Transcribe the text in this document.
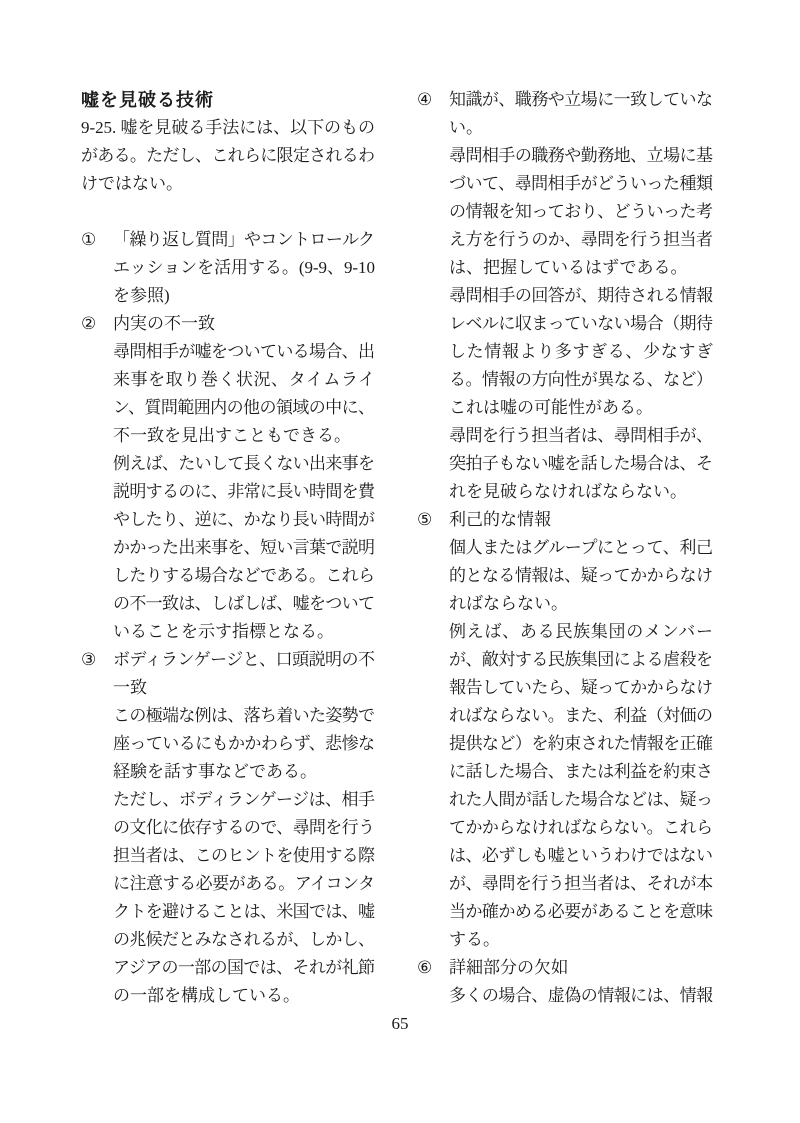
嘘を見破る技術
9-25. 嘘を見破る手法には、以下のもの
がある。ただし、これらに限定されるわ
けではない。
① 「繰り返し質問」やコントロールク
エッションを活用する。(9-9、9-10
を参照)
② 内実の不一致
尋問相手が嘘をついている場合、出
来事を取り巻く状況、タイムライ
ン、質問範囲内の他の領域の中に、
不一致を見出すこともできる。
例えば、たいして長くない出来事を
説明するのに、非常に長い時間を費
やしたり、逆に、かなり長い時間が
かかった出来事を、短い言葉で説明
したりする場合などである。これら
の不一致は、しばしば、嘘をついて
いることを示す指標となる。
③ ボディランゲージと、口頭説明の不
一致
この極端な例は、落ち着いた姿勢で
座っているにもかかわらず、悲惨な
経験を話す事などである。
ただし、ボディランゲージは、相手
の文化に依存するので、尋問を行う
担当者は、このヒントを使用する際
に注意する必要がある。アイコンタ
クトを避けることは、米国では、嘘
の兆候だとみなされるが、しかし、
アジアの一部の国では、それが礼節
の一部を構成している。
④ 知識が、職務や立場に一致していな
い。
尋問相手の職務や勤務地、立場に基
づいて、尋問相手がどういった種類
の情報を知っており、どういった考
え方を行うのか、尋問を行う担当者
は、把握しているはずである。
尋問相手の回答が、期待される情報
レベルに収まっていない場合（期待
した情報より多すぎる、少なすぎ
る。情報の方向性が異なる、など）
これは嘘の可能性がある。
尋問を行う担当者は、尋問相手が、
突拍子もない嘘を話した場合は、そ
れを見破らなければならない。
⑤ 利己的な情報
個人またはグループにとって、利己
的となる情報は、疑ってかからなけ
ればならない。
例えば、ある民族集団のメンバー
が、敵対する民族集団による虐殺を
報告していたら、疑ってかからなけ
ればならない。また、利益（対価の
提供など）を約束された情報を正確
に話した場合、または利益を約束さ
れた人間が話した場合などは、疑っ
てかからなければならない。これら
は、必ずしも嘘というわけではない
が、尋問を行う担当者は、それが本
当か確かめる必要があることを意味
する。
⑥ 詳細部分の欠如
多くの場合、虚偽の情報には、情報
65
